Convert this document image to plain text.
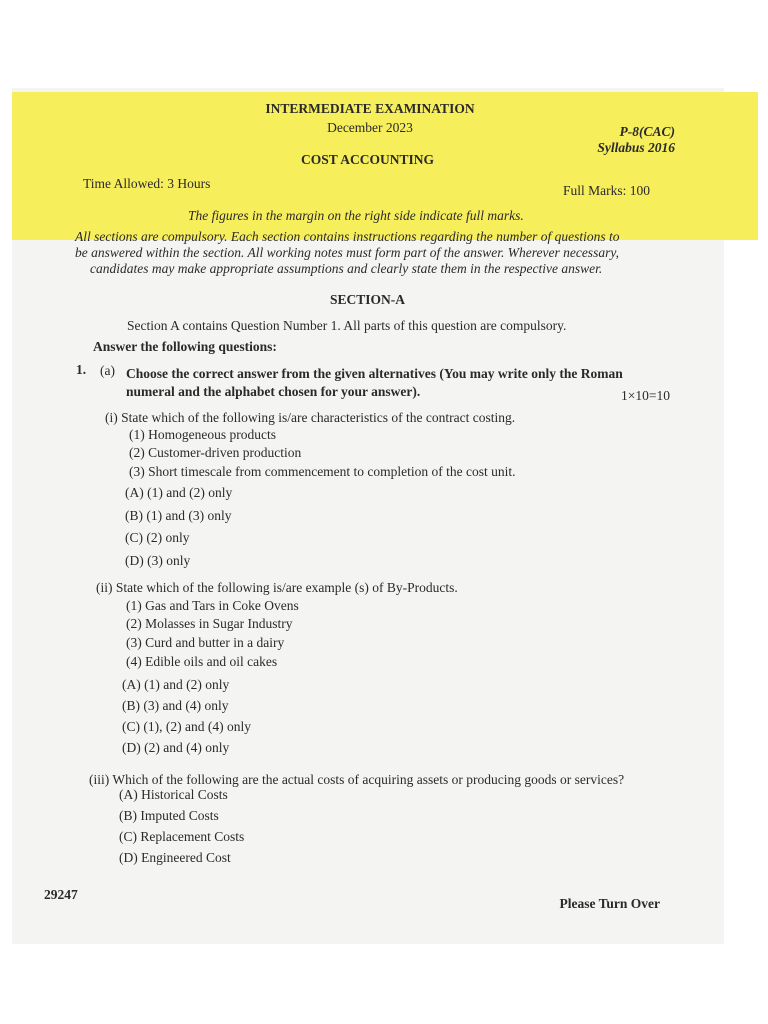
INTERMEDIATE EXAMINATION
December 2023	P-8(CAC)
Syllabus 2016
COST ACCOUNTING
Time Allowed: 3 Hours	Full Marks: 100
The figures in the margin on the right side indicate full marks.
All sections are compulsory. Each section contains instructions regarding the number of questions to
be answered within the section. All working notes must form part of the answer. Wherever necessary,
candidates may make appropriate assumptions and clearly state them in the respective answer.
SECTION-A
Section A contains Question Number 1. All parts of this question are compulsory.
Answer the following questions:
1. (a) Choose the correct answer from the given alternatives (You may write only the Roman
numeral and the alphabet chosen for your answer).	1×10=10
(i) State which of the following is/are characteristics of the contract costing.
(1) Homogeneous products
(2) Customer-driven production
(3) Short timescale from commencement to completion of the cost unit.
(A) (1) and (2) only
(B) (1) and (3) only
(C) (2) only
(D) (3) only
(ii) State which of the following is/are example (s) of By-Products.
(1) Gas and Tars in Coke Ovens
(2) Molasses in Sugar Industry
(3) Curd and butter in a dairy
(4) Edible oils and oil cakes
(A) (1) and (2) only
(B) (3) and (4) only
(C) (1), (2) and (4) only
(D) (2) and (4) only
(iii) Which of the following are the actual costs of acquiring assets or producing goods or services?
(A) Historical Costs
(B) Imputed Costs
(C) Replacement Costs
(D) Engineered Cost
29247
Please Turn Over
